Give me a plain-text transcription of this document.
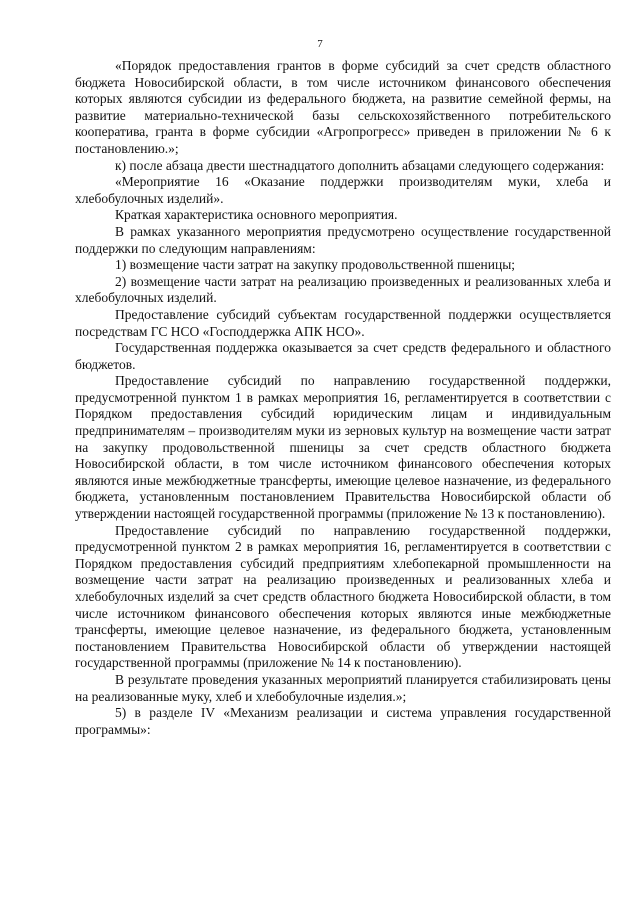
7

«Порядок предоставления грантов в форме субсидий за счет средств областного бюджета Новосибирской области, в том числе источником финансового обеспечения которых являются субсидии из федерального бюджета, на развитие семейной фермы, на развитие материально-технической базы сельскохозяйственного потребительского кооператива, гранта в форме субсидии «Агропрогресс» приведен в приложении № 6 к постановлению.»;

к) после абзаца двести шестнадцатого дополнить абзацами следующего содержания:

«Мероприятие 16 «Оказание поддержки производителям муки, хлеба и хлебобулочных изделий».

Краткая характеристика основного мероприятия.

В рамках указанного мероприятия предусмотрено осуществление государственной поддержки по следующим направлениям:

1) возмещение части затрат на закупку продовольственной пшеницы;

2) возмещение части затрат на реализацию произведенных и реализованных хлеба и хлебобулочных изделий.

Предоставление субсидий субъектам государственной поддержки осуществляется посредствам ГС НСО «Господдержка АПК НСО».

Государственная поддержка оказывается за счет средств федерального и областного бюджетов.

Предоставление субсидий по направлению государственной поддержки, предусмотренной пунктом 1 в рамках мероприятия 16, регламентируется в соответствии с Порядком предоставления субсидий юридическим лицам и индивидуальным предпринимателям – производителям муки из зерновых культур на возмещение части затрат на закупку продовольственной пшеницы за счет средств областного бюджета Новосибирской области, в том числе источником финансового обеспечения которых являются иные межбюджетные трансферты, имеющие целевое назначение, из федерального бюджета, установленным постановлением Правительства Новосибирской области об утверждении настоящей государственной программы (приложение № 13 к постановлению).

Предоставление субсидий по направлению государственной поддержки, предусмотренной пунктом 2 в рамках мероприятия 16, регламентируется в соответствии с Порядком предоставления субсидий предприятиям хлебопекарной промышленности на возмещение части затрат на реализацию произведенных и реализованных хлеба и хлебобулочных изделий за счет средств областного бюджета Новосибирской области, в том числе источником финансового обеспечения которых являются иные межбюджетные трансферты, имеющие целевое назначение, из федерального бюджета, установленным постановлением Правительства Новосибирской области об утверждении настоящей государственной программы (приложение № 14 к постановлению).

В результате проведения указанных мероприятий планируется стабилизировать цены на реализованные муку, хлеб и хлебобулочные изделия.»;

5) в разделе IV «Механизм реализации и система управления государственной программы»:
